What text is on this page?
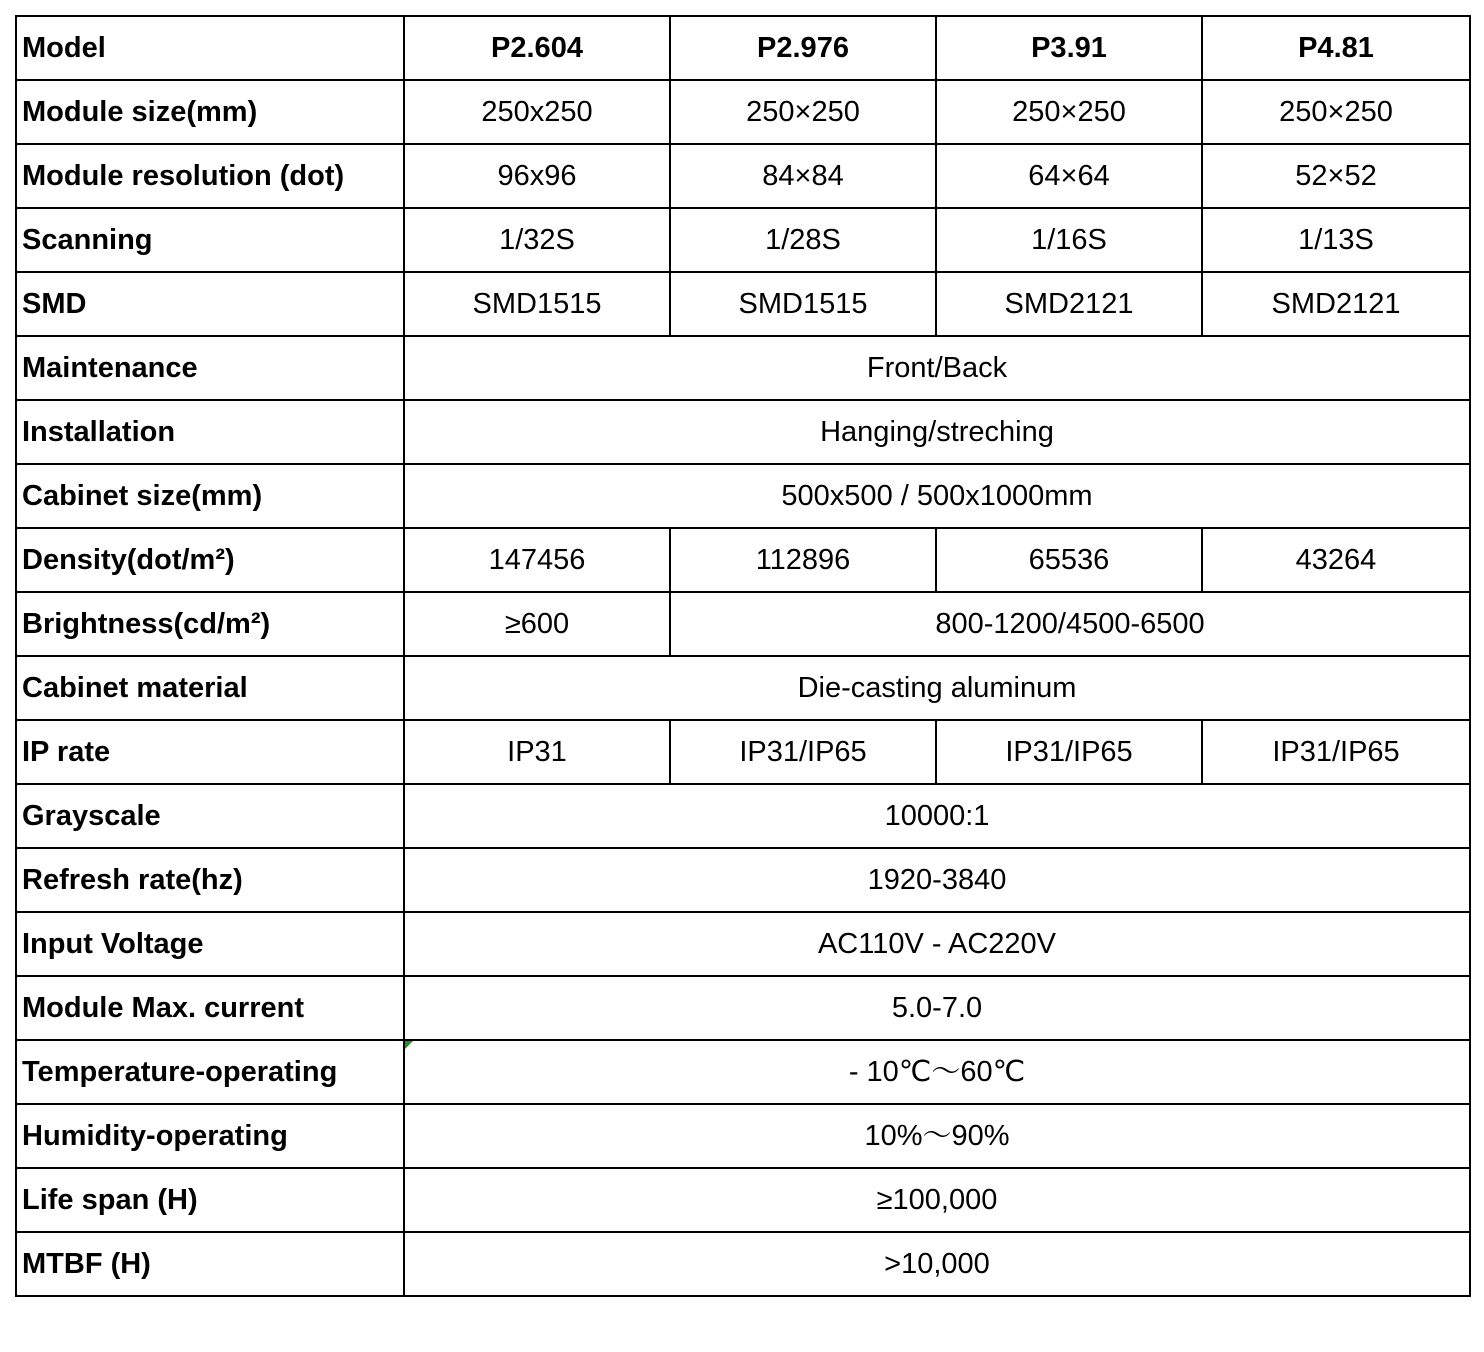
Model	P2.604	P2.976	P3.91	P4.81
Module size(mm)	250x250	250×250	250×250	250×250
Module resolution (dot)	96x96	84×84	64×64	52×52
Scanning	1/32S	1/28S	1/16S	1/13S
SMD	SMD1515	SMD1515	SMD2121	SMD2121
Maintenance	Front/Back			
Installation	Hanging/streching			
Cabinet size(mm)	500x500 / 500x1000mm			
Density(dot/m²)	147456	112896	65536	43264
Brightness(cd/m²)	≥600	800-1200/4500-6500		
Cabinet material	Die-casting aluminum			
IP rate	IP31	IP31/IP65	IP31/IP65	IP31/IP65
Grayscale	10000:1			
Refresh rate(hz)	1920-3840			
Input Voltage	AC110V - AC220V			
Module Max. current	5.0-7.0			
Temperature-operating	- 10℃～60℃			
Humidity-operating	10%～90%			
Life span (H)	≥100,000			
MTBF (H)	>10,000			
